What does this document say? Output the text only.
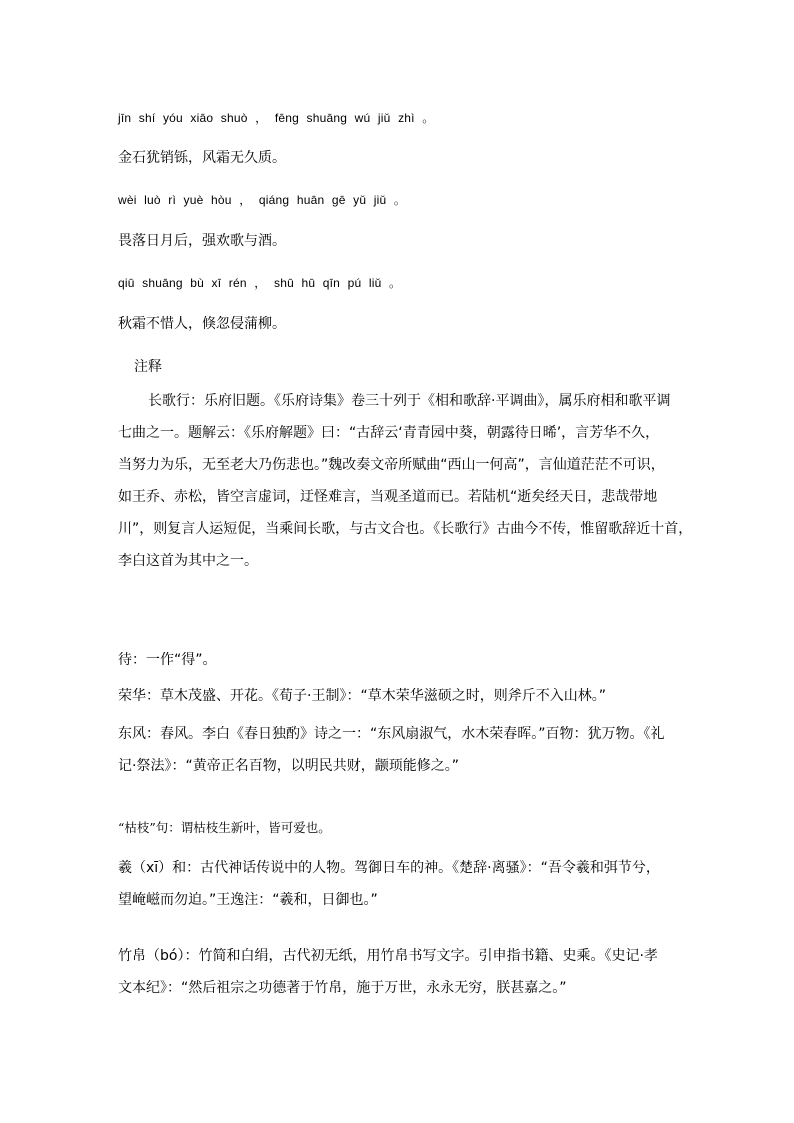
jīn shí yóu xiāo shuò ， fēng shuāng wú jiǔ zhì 。
金石犹销铄，风霜无久质。
wèi luò rì yuè hòu ， qiáng huān gē yǔ jiǔ 。
畏落日月后，强欢歌与酒。
qiū shuāng bù xī rén ， shū hū qīn pú liǔ 。
秋霜不惜人，倏忽侵蒲柳。
注释
长歌行：乐府旧题。《乐府诗集》卷三十列于《相和歌辞·平调曲》，属乐府相和歌平调
七曲之一。题解云：《乐府解题》曰：“古辞云‘青青园中葵，朝露待日晞’，言芳华不久，
当努力为乐，无至老大乃伤悲也。”魏改奏文帝所赋曲“西山一何高”，言仙道茫茫不可识，
如王乔、赤松，皆空言虚词，迂怪难言，当观圣道而已。若陆机“逝矣经天日，悲哉带地
川”，则复言人运短促，当乘间长歌，与古文合也。《长歌行》古曲今不传，惟留歌辞近十首，
李白这首为其中之一。
待：一作“得”。
荣华：草木茂盛、开花。《荀子·王制》：“草木荣华滋硕之时，则斧斤不入山林。”
东风：春风。李白《春日独酌》诗之一：“东风扇淑气，水木荣春晖。”百物：犹万物。《礼
记·祭法》：“黄帝正名百物，以明民共财，颛顼能修之。”
“枯枝”句：谓枯枝生新叶，皆可爱也。
羲（xī）和：古代神话传说中的人物。驾御日车的神。《楚辞·离骚》：“吾令羲和弭节兮，
望崦嵫而勿迫。”王逸注：“羲和，日御也。”
竹帛（bó）：竹简和白绢，古代初无纸，用竹帛书写文字。引申指书籍、史乘。《史记·孝
文本纪》：“然后祖宗之功德著于竹帛，施于万世，永永无穷，朕甚嘉之。”
